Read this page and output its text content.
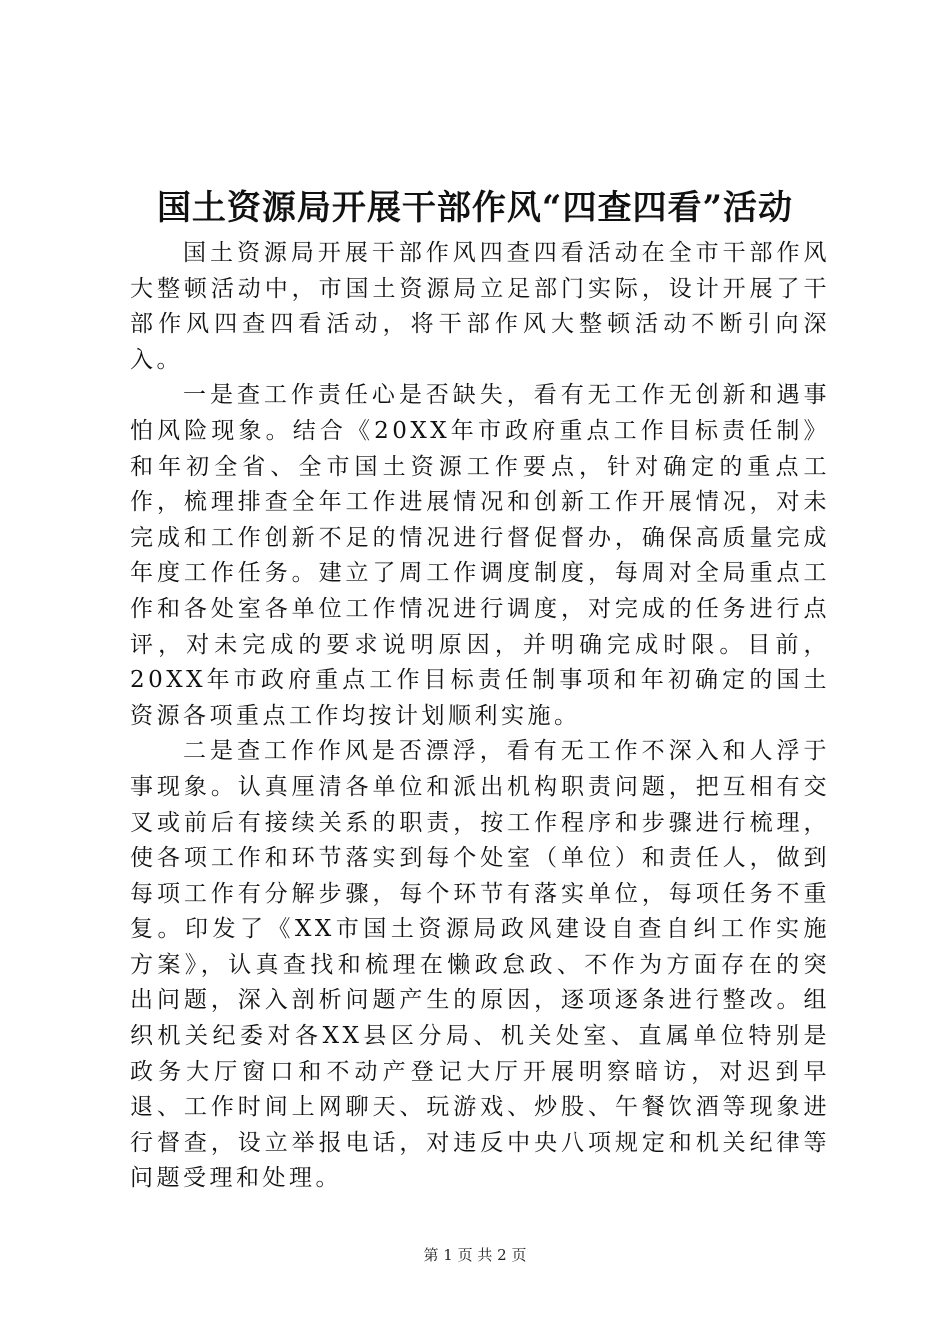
国土资源局开展干部作风“四查四看”活动

国土资源局开展干部作风四查四看活动在全市干部作风大整顿活动中，市国土资源局立足部门实际，设计开展了干部作风四查四看活动，将干部作风大整顿活动不断引向深入。

一是查工作责任心是否缺失，看有无工作无创新和遇事怕风险现象。结合《20XX年市政府重点工作目标责任制》和年初全省、全市国土资源工作要点，针对确定的重点工作，梳理排查全年工作进展情况和创新工作开展情况，对未完成和工作创新不足的情况进行督促督办，确保高质量完成年度工作任务。建立了周工作调度制度，每周对全局重点工作和各处室各单位工作情况进行调度，对完成的任务进行点评，对未完成的要求说明原因，并明确完成时限。目前，20XX年市政府重点工作目标责任制事项和年初确定的国土资源各项重点工作均按计划顺利实施。

二是查工作作风是否漂浮，看有无工作不深入和人浮于事现象。认真厘清各单位和派出机构职责问题，把互相有交叉或前后有接续关系的职责，按工作程序和步骤进行梳理，使各项工作和环节落实到每个处室（单位）和责任人，做到每项工作有分解步骤，每个环节有落实单位，每项任务不重复。印发了《XX市国土资源局政风建设自查自纠工作实施方案》，认真查找和梳理在懒政怠政、不作为方面存在的突出问题，深入剖析问题产生的原因，逐项逐条进行整改。组织机关纪委对各XX县区分局、机关处室、直属单位特别是政务大厅窗口和不动产登记大厅开展明察暗访，对迟到早退、工作时间上网聊天、玩游戏、炒股、午餐饮酒等现象进行督查，设立举报电话，对违反中央八项规定和机关纪律等问题受理和处理。

第 1 页 共 2 页
